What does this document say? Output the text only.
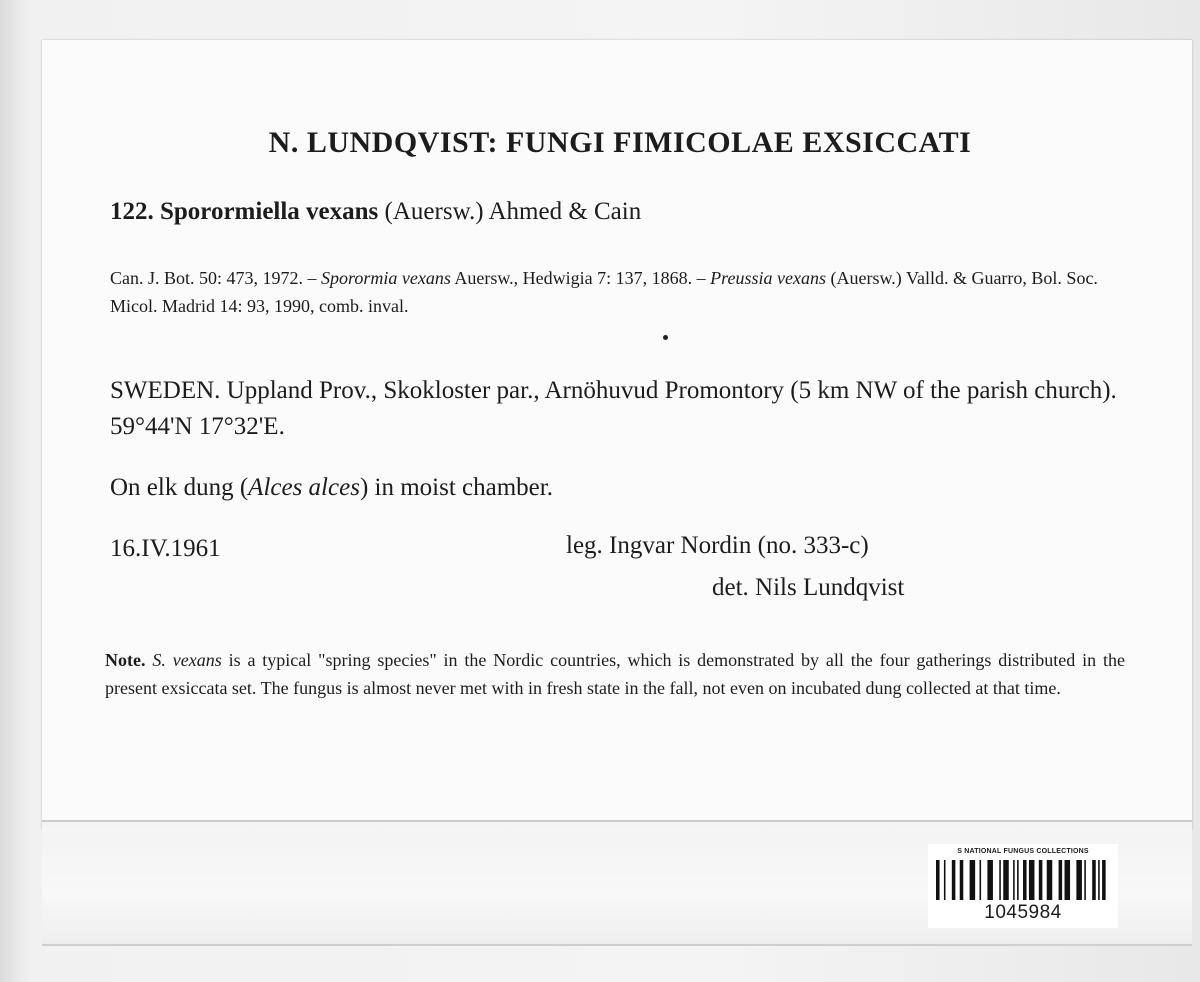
N. LUNDQVIST: FUNGI FIMICOLAE EXSICCATI
122. Sporormiella vexans (Auersw.) Ahmed & Cain
Can. J. Bot. 50: 473, 1972. – Sporormia vexans Auersw., Hedwigia 7: 137, 1868. – Preussia vexans (Auersw.) Valld. & Guarro, Bol. Soc. Micol. Madrid 14: 93, 1990, comb. inval.
SWEDEN. Uppland Prov., Skokloster par., Arnöhuvud Promontory (5 km NW of the parish church). 59°44'N 17°32'E.
On elk dung (Alces alces) in moist chamber.
16.IV.1961	leg. Ingvar Nordin (no. 333-c)
det. Nils Lundqvist
Note. S. vexans is a typical "spring species" in the Nordic countries, which is demonstrated by all the four gatherings distributed in the present exsiccata set. The fungus is almost never met with in fresh state in the fall, not even on incubated dung collected at that time.
S NATIONAL FUNGUS COLLECTIONS
1045984
